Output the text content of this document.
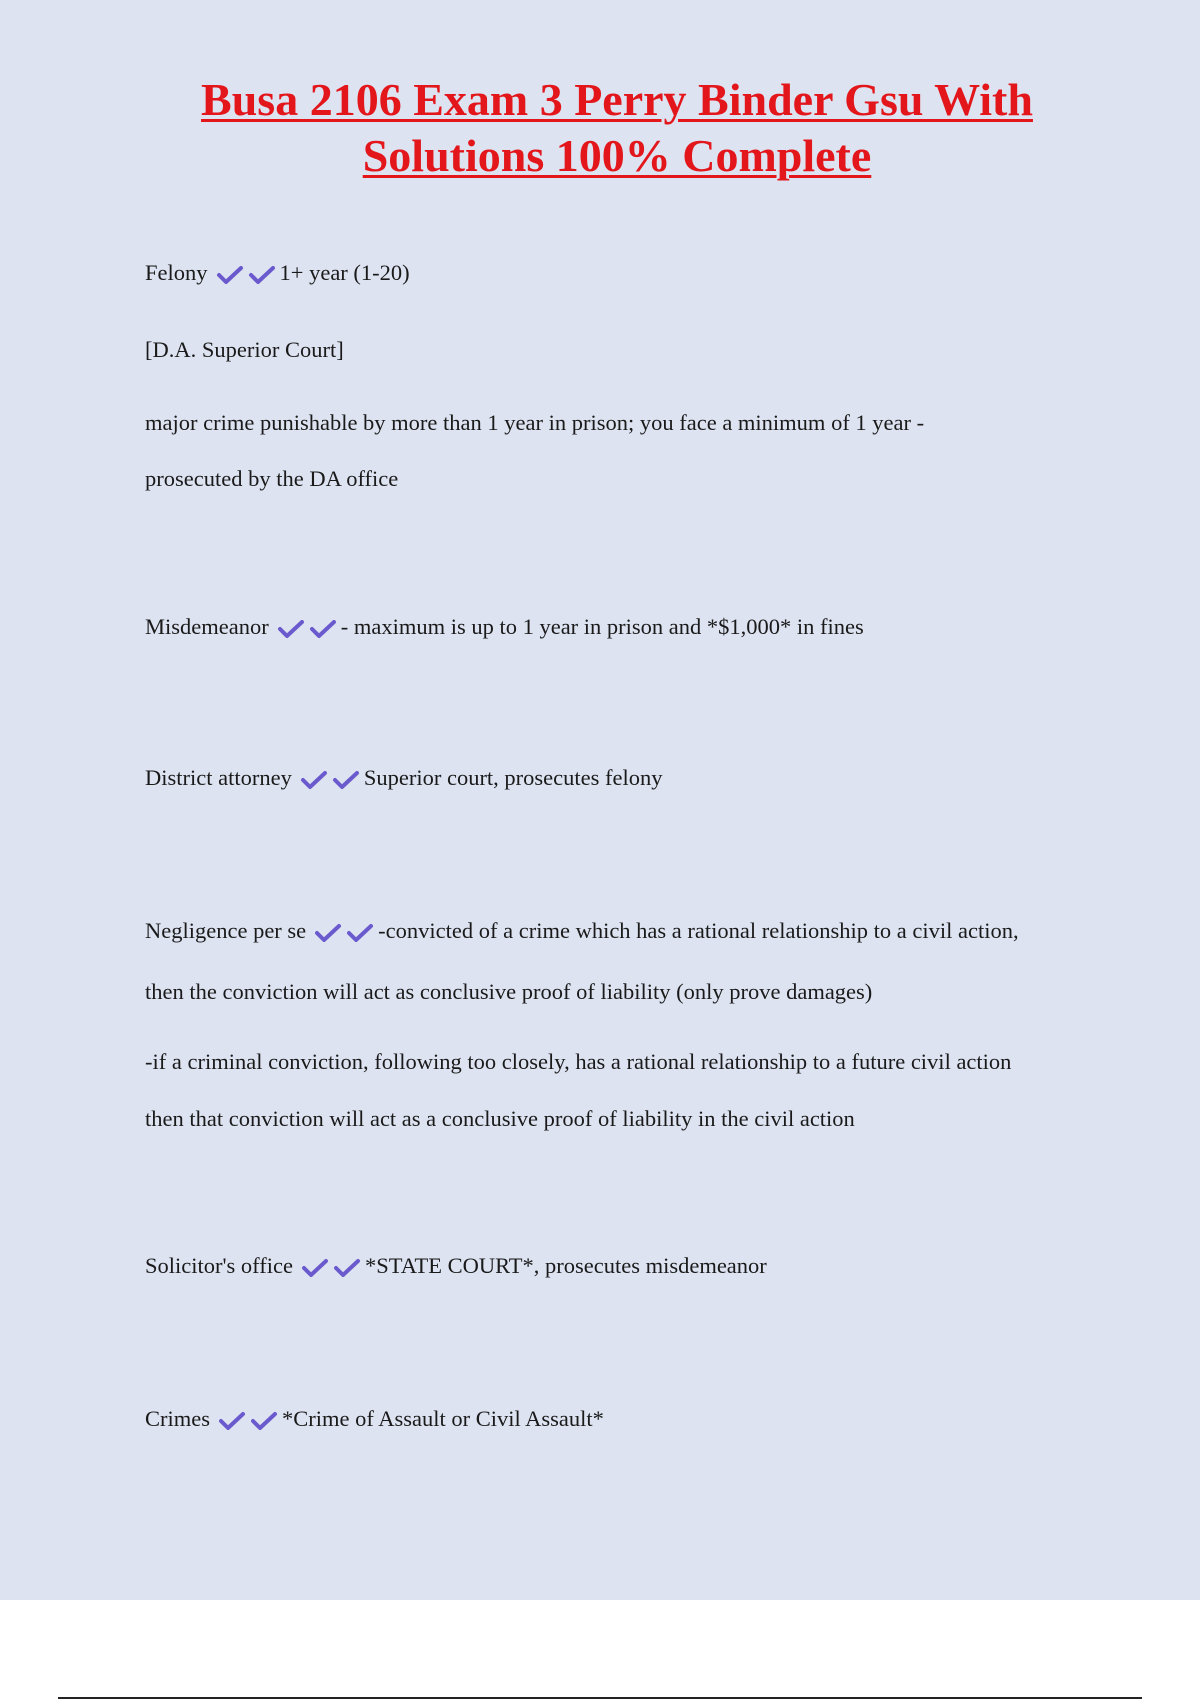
Busa 2106 Exam 3 Perry Binder Gsu With
Solutions 100% Complete
Felony	1+ year (1-20)
[D.A. Superior Court]
major crime punishable by more than 1 year in prison; you face a minimum of 1 year -
prosecuted by the DA office
Misdemeanor	- maximum is up to 1 year in prison and *$1,000* in fines
District attorney	Superior court, prosecutes felony
Negligence per se	-convicted of a crime which has a rational relationship to a civil action,
then the conviction will act as conclusive proof of liability (only prove damages)
-if a criminal conviction, following too closely, has a rational relationship to a future civil action
then that conviction will act as a conclusive proof of liability in the civil action
Solicitor's office	*STATE COURT*, prosecutes misdemeanor
Crimes	*Crime of Assault or Civil Assault*
